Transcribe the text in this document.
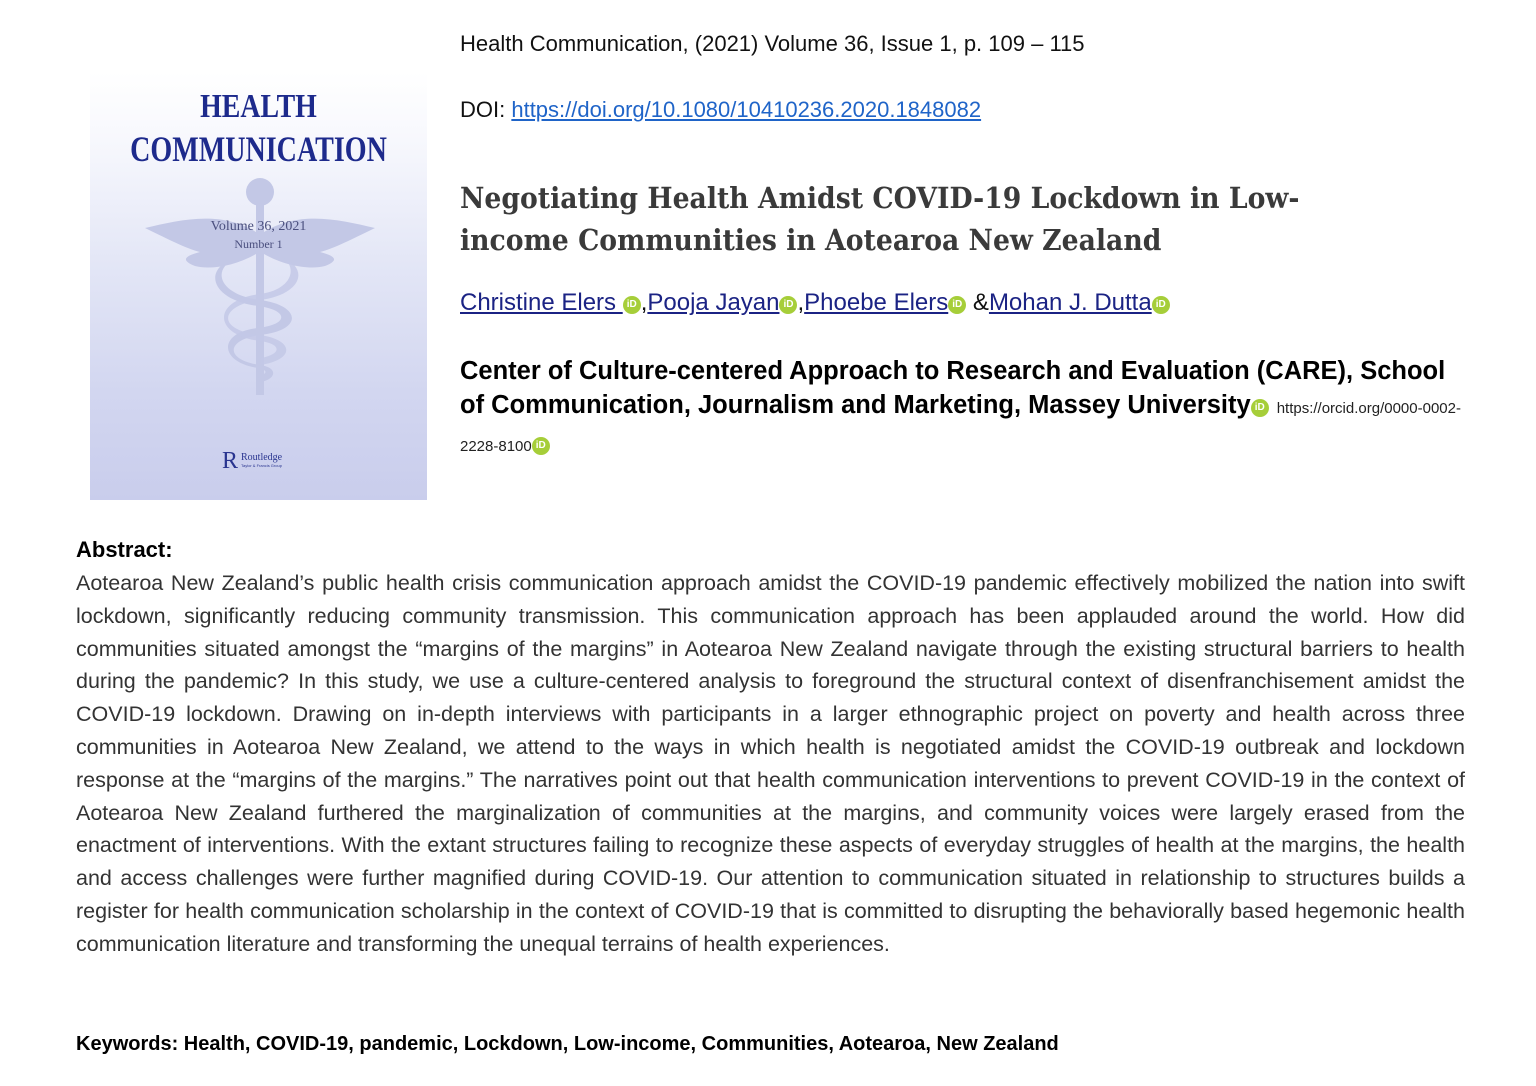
HEALTH
COMMUNICATION
Volume 36, 2021
Number 1
R Routledge
Taylor & Francis Group
Health Communication, (2021) Volume 36, Issue 1, p. 109 – 115
DOI: https://doi.org/10.1080/10410236.2020.1848082
Negotiating Health Amidst COVID-19 Lockdown in Low-income Communities in Aotearoa New Zealand
Christine Elers iD ,Pooja Jayan iD ,Phoebe Elers iD &Mohan J. Dutta iD
Center of Culture-centered Approach to Research and Evaluation (CARE), School of Communication, Journalism and Marketing, Massey University iD https://orcid.org/0000-0002-2228-8100 iD
Abstract:

Aotearoa New Zealand’s public health crisis communication approach amidst the COVID-19 pandemic effectively mobilized the nation into swift lockdown, significantly reducing community transmission. This communication approach has been applauded around the world. How did communities situated amongst the “margins of the margins” in Aotearoa New Zealand navigate through the existing structural barriers to health during the pandemic? In this study, we use a culture-centered analysis to foreground the structural context of disenfranchisement amidst the COVID-19 lockdown. Drawing on in-depth interviews with participants in a larger ethnographic project on poverty and health across three communities in Aotearoa New Zealand, we attend to the ways in which health is negotiated amidst the COVID-19 outbreak and lockdown response at the “margins of the margins.” The narratives point out that health communication interventions to prevent COVID-19 in the context of Aotearoa New Zealand furthered the marginalization of communities at the margins, and community voices were largely erased from the enactment of interventions. With the extant structures failing to recognize these aspects of everyday struggles of health at the margins, the health and access challenges were further magnified during COVID-19. Our attention to communication situated in relationship to structures builds a register for health communication scholarship in the context of COVID-19 that is committed to disrupting the behaviorally based hegemonic health communication literature and transforming the unequal terrains of health experiences.

Keywords: Health, COVID-19, pandemic, Lockdown, Low-income, Communities, Aotearoa, New Zealand
